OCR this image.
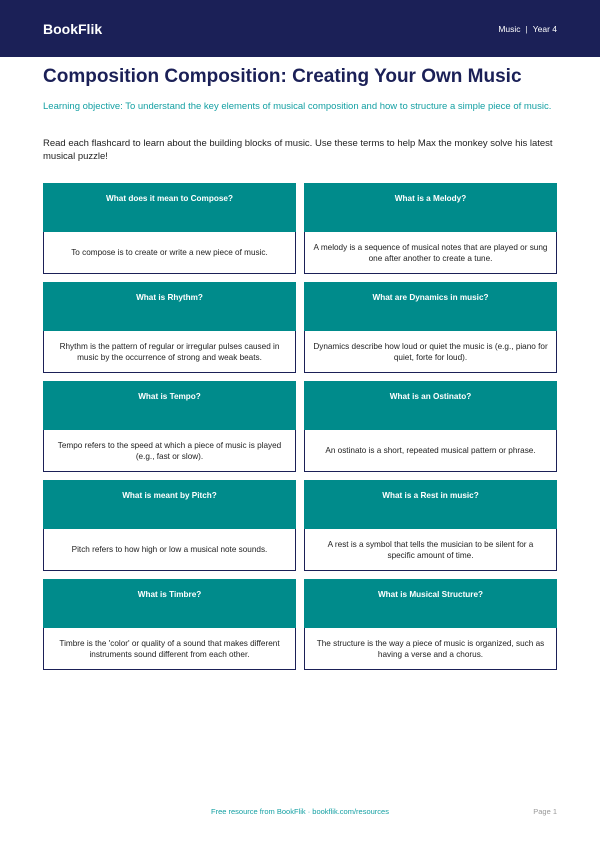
BookFlik	Music | Year 4
Composition Composition: Creating Your Own Music

Learning objective: To understand the key elements of musical composition and how to structure a simple piece of music.

Read each flashcard to learn about the building blocks of music. Use these terms to help Max the monkey solve his latest musical puzzle!

What does it mean to Compose?
To compose is to create or write a new piece of music.
What is a Melody?
A melody is a sequence of musical notes that are played or sung one after another to create a tune.
What is Rhythm?
Rhythm is the pattern of regular or irregular pulses caused in music by the occurrence of strong and weak beats.
What are Dynamics in music?
Dynamics describe how loud or quiet the music is (e.g., piano for quiet, forte for loud).
What is Tempo?
Tempo refers to the speed at which a piece of music is played (e.g., fast or slow).
What is an Ostinato?
An ostinato is a short, repeated musical pattern or phrase.
What is meant by Pitch?
Pitch refers to how high or low a musical note sounds.
What is a Rest in music?
A rest is a symbol that tells the musician to be silent for a specific amount of time.
What is Timbre?
Timbre is the 'color' or quality of a sound that makes different instruments sound different from each other.
What is Musical Structure?
The structure is the way a piece of music is organized, such as having a verse and a chorus.
Free resource from BookFlik · bookflik.com/resources	Page 1
